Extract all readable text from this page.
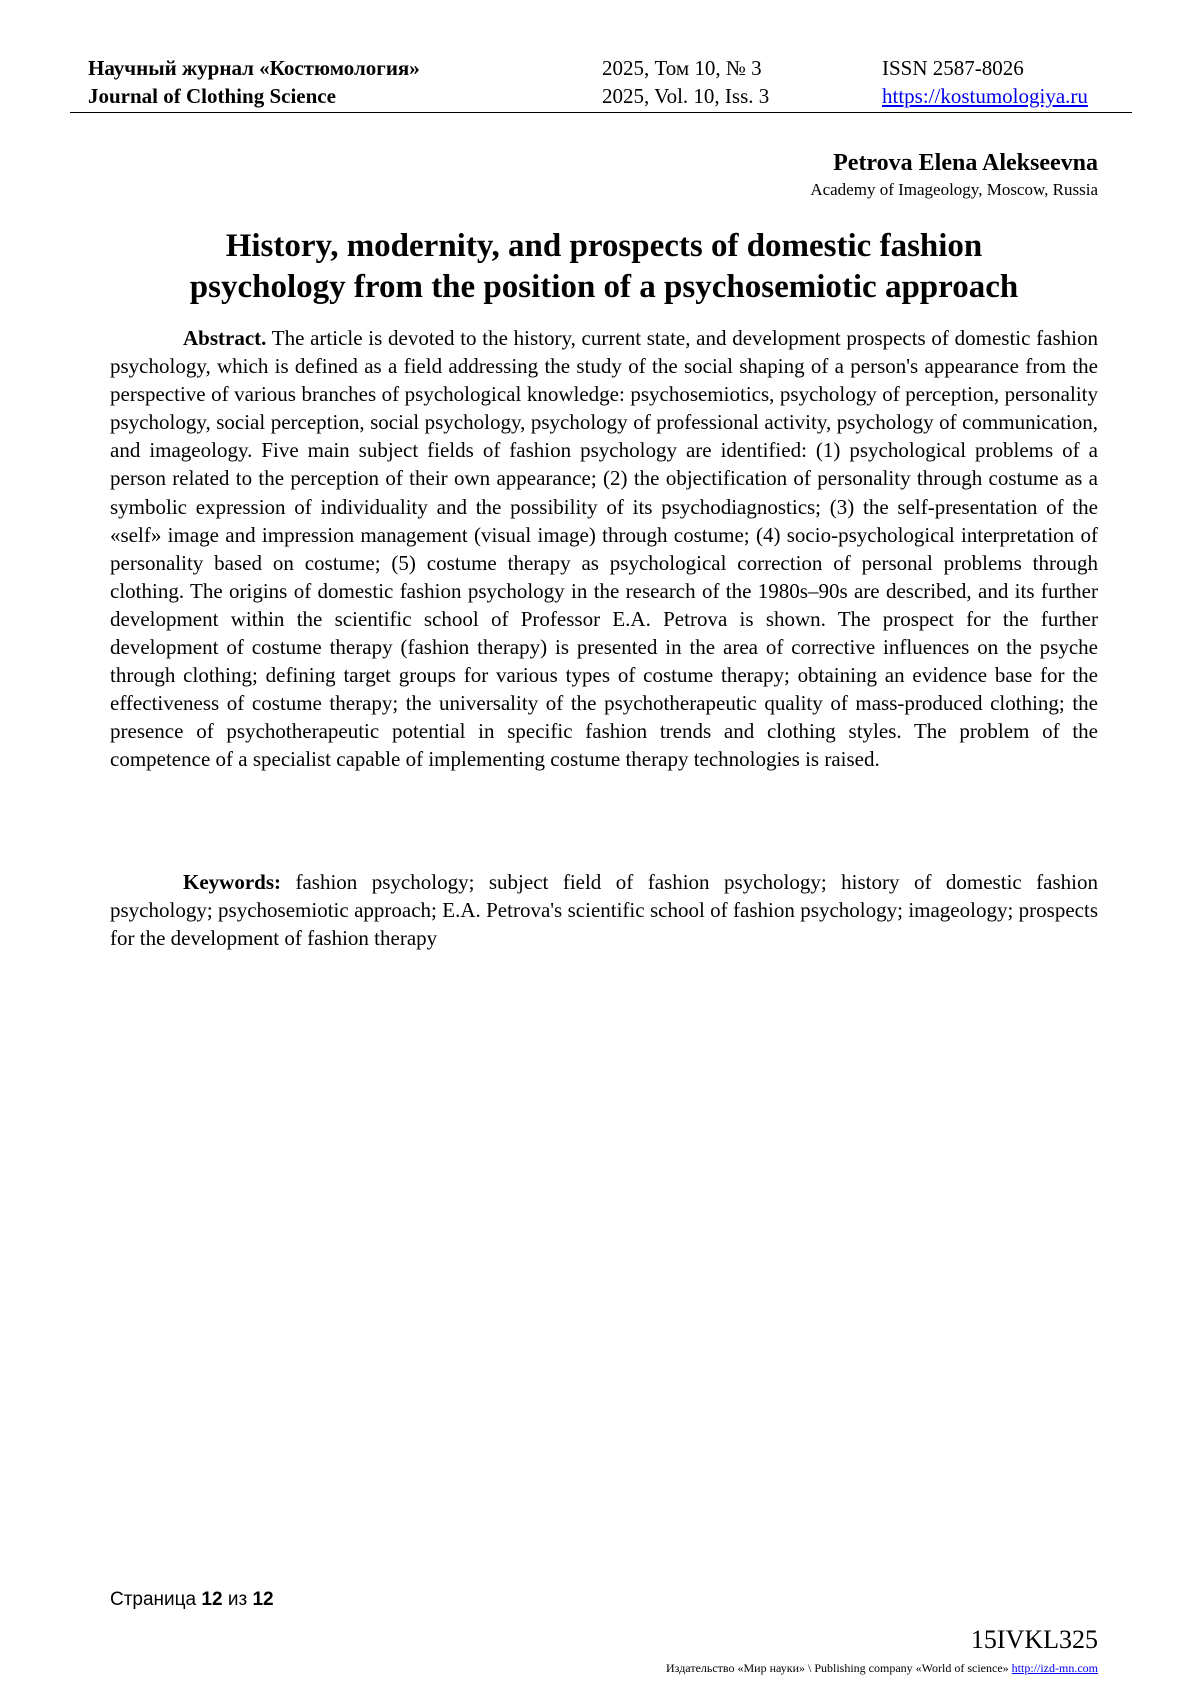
Научный журнал «Костюмология»
Journal of Clothing Science
2025, Том 10, № 3
2025, Vol. 10, Iss. 3
ISSN 2587-8026
https://kostumologiya.ru
Petrova Elena Alekseevna
Academy of Imageology, Moscow, Russia
History, modernity, and prospects of domestic fashion
psychology from the position of a psychosemiotic approach

Abstract. The article is devoted to the history, current state, and development prospects of domestic fashion psychology, which is defined as a field addressing the study of the social shaping of a person's appearance from the perspective of various branches of psychological knowledge: psychosemiotics, psychology of perception, personality psychology, social perception, social psychology, psychology of professional activity, psychology of communication, and imageology. Five main subject fields of fashion psychology are identified: (1) psychological problems of a person related to the perception of their own appearance; (2) the objectification of personality through costume as a symbolic expression of individuality and the possibility of its psychodiagnostics; (3) the self-presentation of the «self» image and impression management (visual image) through costume; (4) socio-psychological interpretation of personality based on costume; (5) costume therapy as psychological correction of personal problems through clothing. The origins of domestic fashion psychology in the research of the 1980s–90s are described, and its further development within the scientific school of Professor E.A. Petrova is shown. The prospect for the further development of costume therapy (fashion therapy) is presented in the area of corrective influences on the psyche through clothing; defining target groups for various types of costume therapy; obtaining an evidence base for the effectiveness of costume therapy; the universality of the psychotherapeutic quality of mass-produced clothing; the presence of psychotherapeutic potential in specific fashion trends and clothing styles. The problem of the competence of a specialist capable of implementing costume therapy technologies is raised.

Keywords: fashion psychology; subject field of fashion psychology; history of domestic fashion psychology; psychosemiotic approach; E.A. Petrova's scientific school of fashion psychology; imageology; prospects for the development of fashion therapy

Страница 12 из 12
15IVKL325
Издательство «Мир науки» \ Publishing company «World of science» http://izd-mn.com
